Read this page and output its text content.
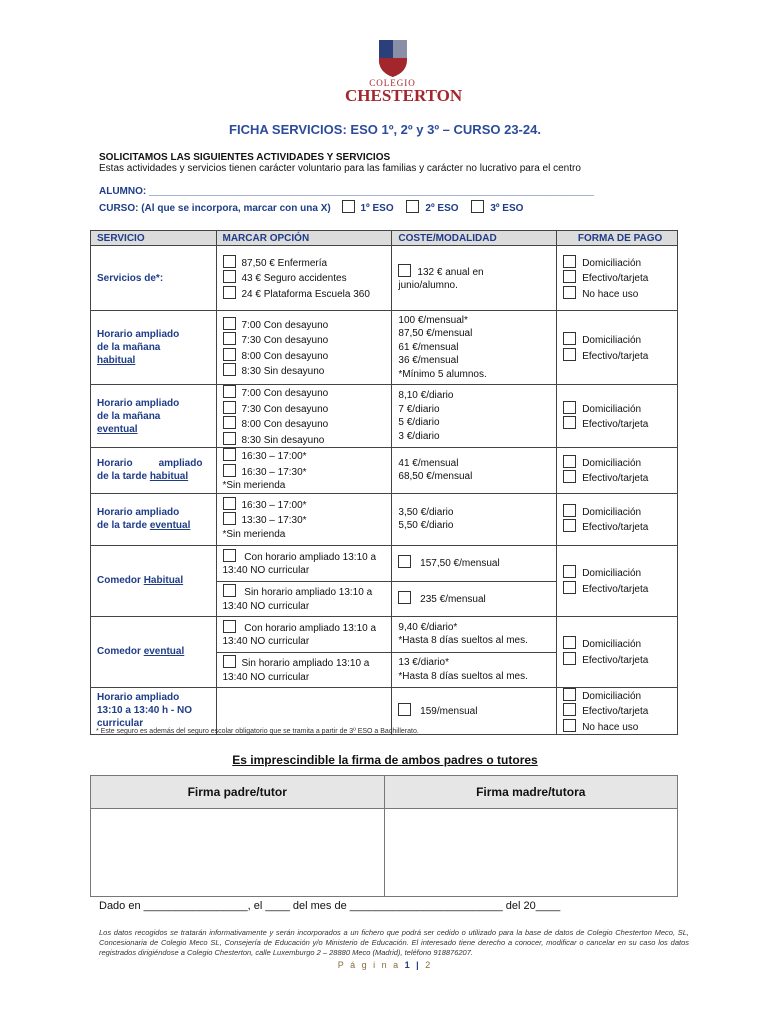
COLEGIO
CHESTERTON
FICHA SERVICIOS: ESO 1º, 2º y 3º – CURSO 23-24.
SOLICITAMOS LAS SIGUIENTES ACTIVIDADES Y SERVICIOS
Estas actividades y servicios tienen carácter voluntario para las familias y carácter no lucrativo para el centro
ALUMNO: ________________________________________________________________________________
CURSO: (Al que se incorpora, marcar con una X)	1º ESO	2º ESO	3º ESO
SERVICIO	MARCAR OPCIÓN	COSTE/MODALIDAD	FORMA DE PAGO
Servicios de*:	87,50 € Enfermería
43 € Seguro accidentes
24 € Plataforma Escuela 360	132 € anual en
junio/alumno.	Domiciliación
Efectivo/tarjeta
No hace uso

Horario ampliado
de la mañana
habitual	7:00 Con desayuno
7:30 Con desayuno
8:00 Con desayuno
8:30 Sin desayuno	100 €/mensual*
87,50 €/mensual
61 €/mensual
36 €/mensual
*Mínimo 5 alumnos.	Domiciliación
Efectivo/tarjeta

Horario ampliado
de la mañana
eventual	7:00 Con desayuno
7:30 Con desayuno
8:00 Con desayuno
8:30 Sin desayuno	8,10 €/diario
7 €/diario
5 €/diario
3 €/diario	Domiciliación
Efectivo/tarjeta

Horario ampliado
de la tarde habitual	16:30 – 17:00*
16:30 – 17:30*
*Sin merienda	41 €/mensual
68,50 €/mensual	Domiciliación
Efectivo/tarjeta

Horario ampliado
de la tarde eventual	16:30 – 17:00*
13:30 – 17:30*
*Sin merienda	3,50 €/diario
5,50 €/diario	Domiciliación
Efectivo/tarjeta

Comedor Habitual	Con horario ampliado 13:10 a
13:40 NO curricular	157,50 €/mensual	Domiciliación
Efectivo/tarjeta

	Sin horario ampliado 13:10 a
13:40 NO curricular	235 €/mensual	

Comedor eventual	Con horario ampliado 13:10 a
13:40 NO curricular	9,40 €/diario*
*Hasta 8 días sueltos al mes.	Domiciliación
Efectivo/tarjeta

	Sin horario ampliado 13:10 a
13:40 NO curricular	13 €/diario*
*Hasta 8 días sueltos al mes.	

Horario ampliado
13:10 a 13:40 h - NO
curricular		159/mensual	Domiciliación
Efectivo/tarjeta
No hace uso
* Este seguro es además del seguro escolar obligatorio que se tramita a partir de 3º ESO a Bachillerato.
Es imprescindible la firma de ambos padres o tutores
Firma padre/tutor	Firma madre/tutora

Dado en _________________, el ____ del mes de _________________________ del 20____
Los datos recogidos se tratarán informativamente y serán incorporados a un fichero que podrá ser cedido o utilizado para la base de datos de Colegio Chesterton Meco, SL, Concesionaria de Colegio Meco SL, Consejería de Educación y/o Ministerio de Educación. El interesado tiene derecho a conocer, modificar o cancelar en su caso los datos registrados dirigiéndose a Colegio Chesterton, calle Luxemburgo 2 – 28880 Meco (Madrid), teléfono 918876207.
P á g i n a 1 | 2
